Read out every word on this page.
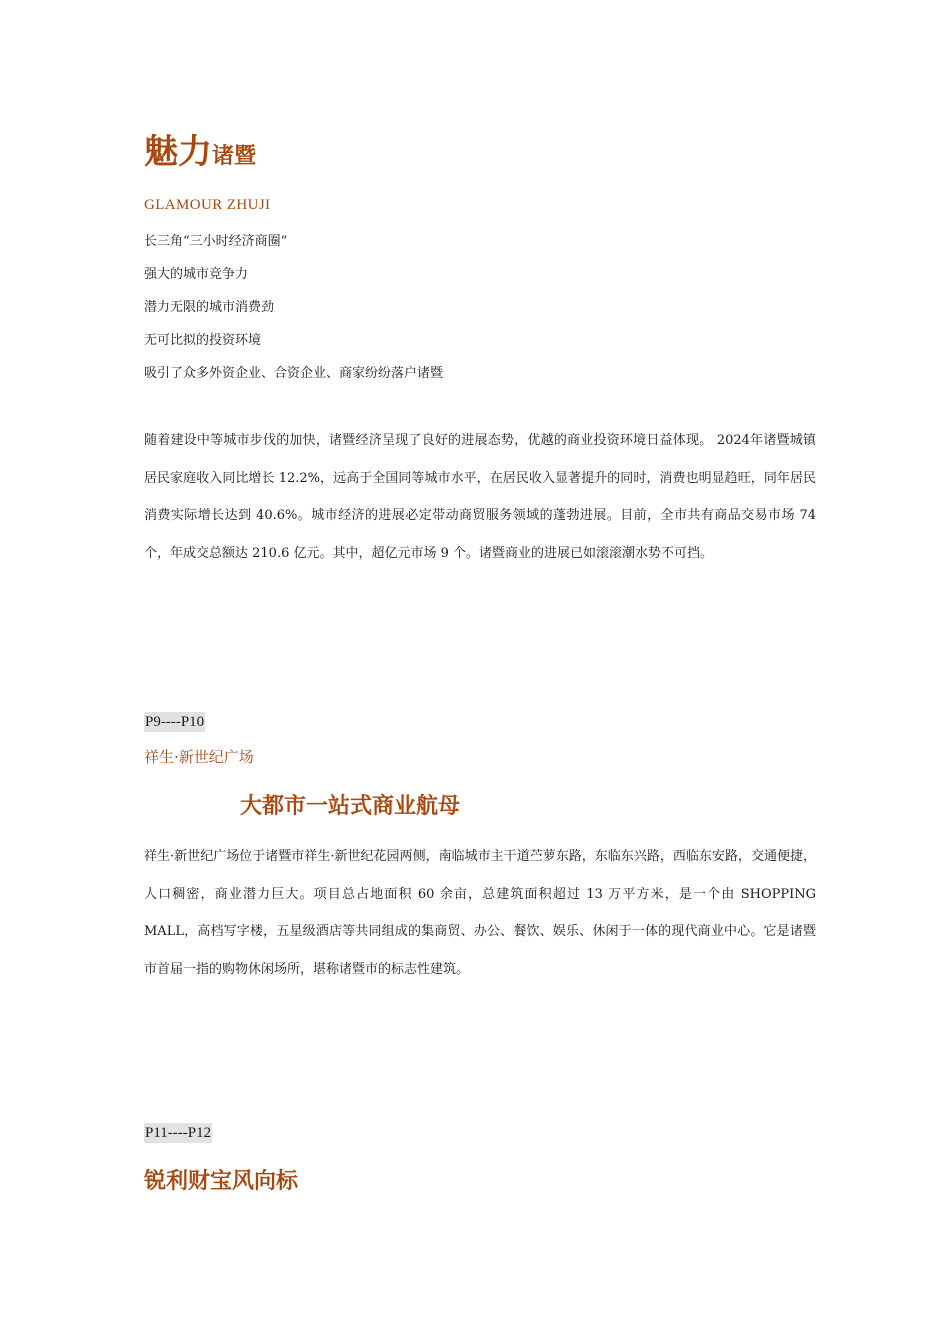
魅力诸暨
GLAMOUR ZHUJI
长三角“三小时经济商圈”
强大的城市竞争力
潜力无限的城市消费劲
无可比拟的投资环境
吸引了众多外资企业、合资企业、商家纷纷落户诸暨
随着建设中等城市步伐的加快，诸暨经济呈现了良好的进展态势，优越的商业投资环境日益体现。 2024年诸暨城镇居民家庭收入同比增长 12.2%，远高于全国同等城市水平，在居民收入显著提升的同时，消费也明显趋旺，同年居民消费实际增长达到 40.6%。城市经济的进展必定带动商贸服务领域的蓬勃进展。目前，全市共有商品交易市场 74 个，年成交总额达 210.6 亿元。其中，超亿元市场 9 个。诸暨商业的进展已如滚滚潮水势不可挡。
P9----P10
祥生·新世纪广场
大都市一站式商业航母
祥生·新世纪广场位于诸暨市祥生·新世纪花园两侧，南临城市主干道苎萝东路，东临东兴路，西临东安路，交通便捷，人口稠密，商业潜力巨大。项目总占地面积 60 余亩，总建筑面积超过 13 万平方米，是一个由 SHOPPING MALL，高档写字楼，五星级酒店等共同组成的集商贸、办公、餐饮、娱乐、休闲于一体的现代商业中心。它是诸暨市首届一指的购物休闲场所，堪称诸暨市的标志性建筑。
P11----P12
锐利财宝风向标
